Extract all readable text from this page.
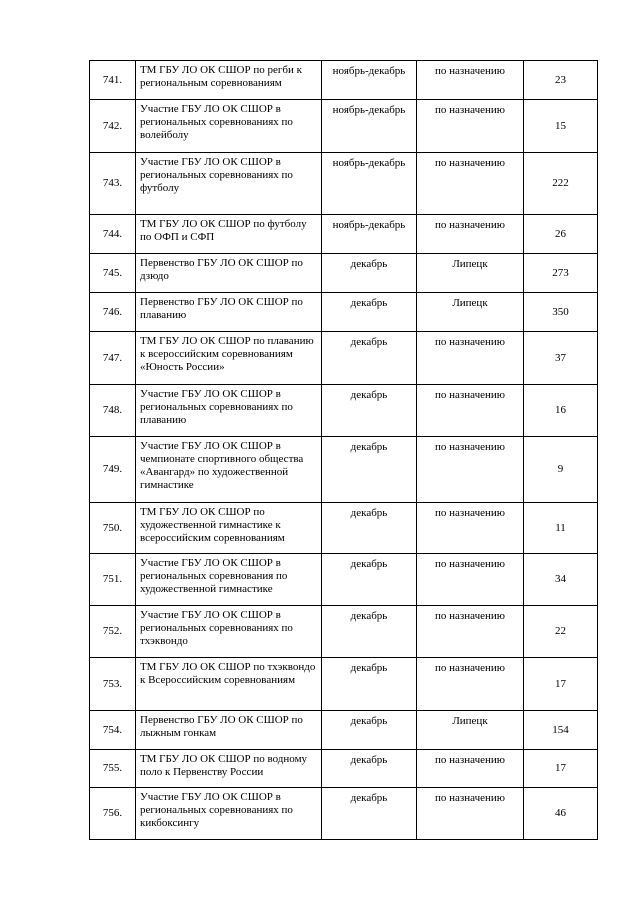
741.	ТМ ГБУ ЛО ОК СШОР по регби к региональным соревнованиям	ноябрь-декабрь	по назначению	23
742.	Участие ГБУ ЛО ОК СШОР в региональных соревнованиях по волейболу	ноябрь-декабрь	по назначению	15
743.	Участие ГБУ ЛО ОК СШОР в региональных соревнованиях по футболу	ноябрь-декабрь	по назначению	222
744.	ТМ ГБУ ЛО ОК СШОР по футболу по ОФП и СФП	ноябрь-декабрь	по назначению	26
745.	Первенство ГБУ ЛО ОК СШОР по дзюдо	декабрь	Липецк	273
746.	Первенство ГБУ ЛО ОК СШОР по плаванию	декабрь	Липецк	350
747.	ТМ ГБУ ЛО ОК СШОР по плаванию к всероссийским соревнованиям «Юность России»	декабрь	по назначению	37
748.	Участие ГБУ ЛО ОК СШОР в региональных соревнованиях по плаванию	декабрь	по назначению	16
749.	Участие ГБУ ЛО ОК СШОР в чемпионате спортивного общества «Авангард» по художественной гимнастике	декабрь	по назначению	9
750.	ТМ ГБУ ЛО ОК СШОР по художественной гимнастике к всероссийским соревнованиям	декабрь	по назначению	11
751.	Участие ГБУ ЛО ОК СШОР в региональных соревнования по художественной гимнастике	декабрь	по назначению	34
752.	Участие ГБУ ЛО ОК СШОР в региональных соревнованиях по тхэквондо	декабрь	по назначению	22
753.	ТМ ГБУ ЛО ОК СШОР по тхэквондо к Всероссийским соревнованиям	декабрь	по назначению	17
754.	Первенство ГБУ ЛО ОК СШОР по лыжным гонкам	декабрь	Липецк	154
755.	ТМ ГБУ ЛО ОК СШОР по водному поло к Первенству России	декабрь	по назначению	17
756.	Участие ГБУ ЛО ОК СШОР в региональных соревнованиях по кикбоксингу	декабрь	по назначению	46
